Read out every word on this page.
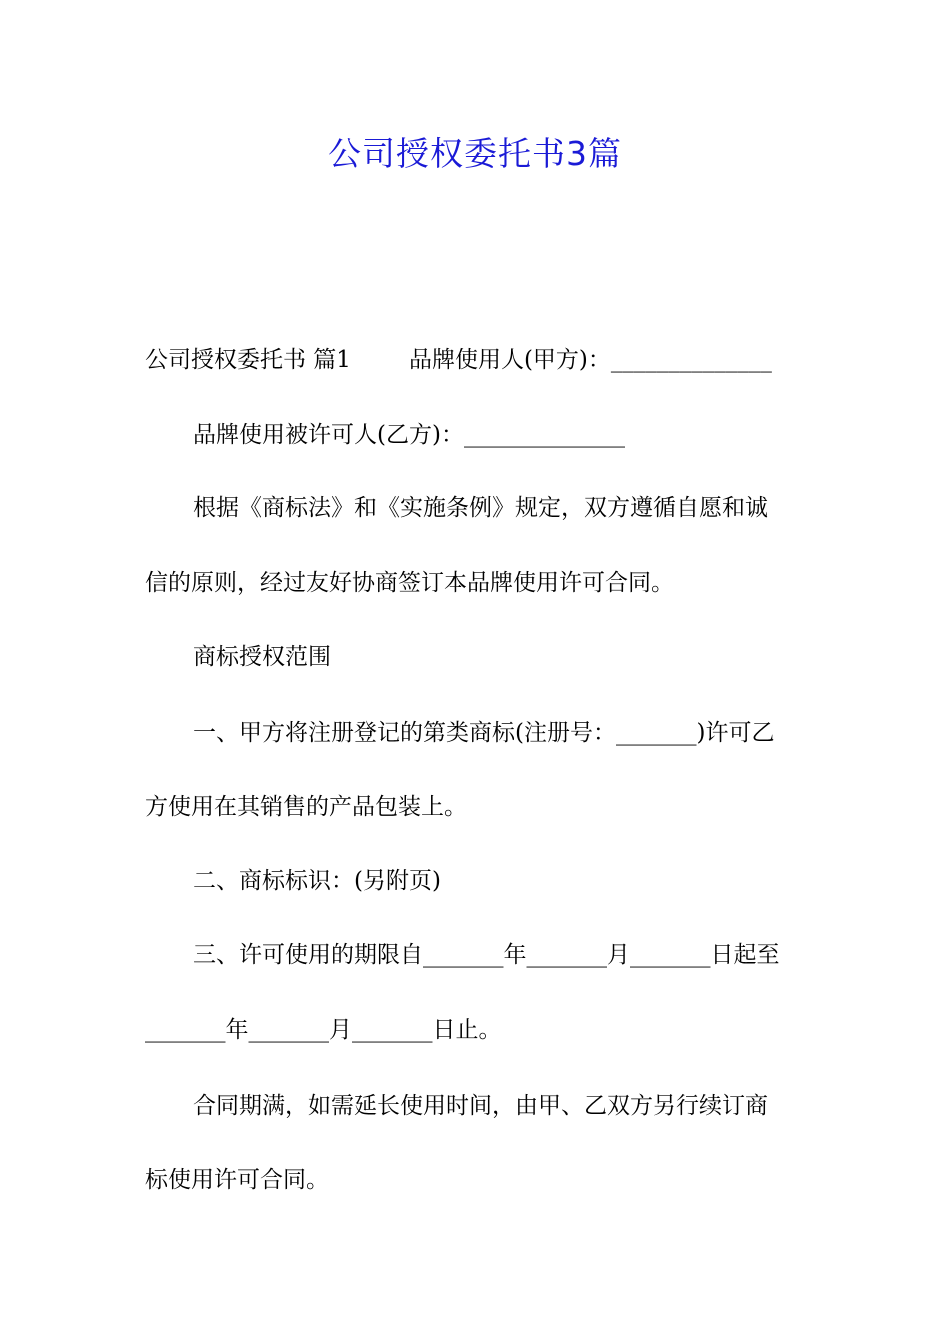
公司授权委托书3篇
公司授权委托书 篇1	品牌使用人(甲方)：______________
品牌使用被许可人(乙方)：______________
根据《商标法》和《实施条例》规定，双方遵循自愿和诚
信的原则，经过友好协商签订本品牌使用许可合同。
商标授权范围
一、甲方将注册登记的第类商标(注册号：_______)许可乙
方使用在其销售的产品包装上。
二、商标标识：(另附页)
三、许可使用的期限自_______年_______月_______日起至
_______年_______月_______日止。
合同期满，如需延长使用时间，由甲、乙双方另行续订商
标使用许可合同。
